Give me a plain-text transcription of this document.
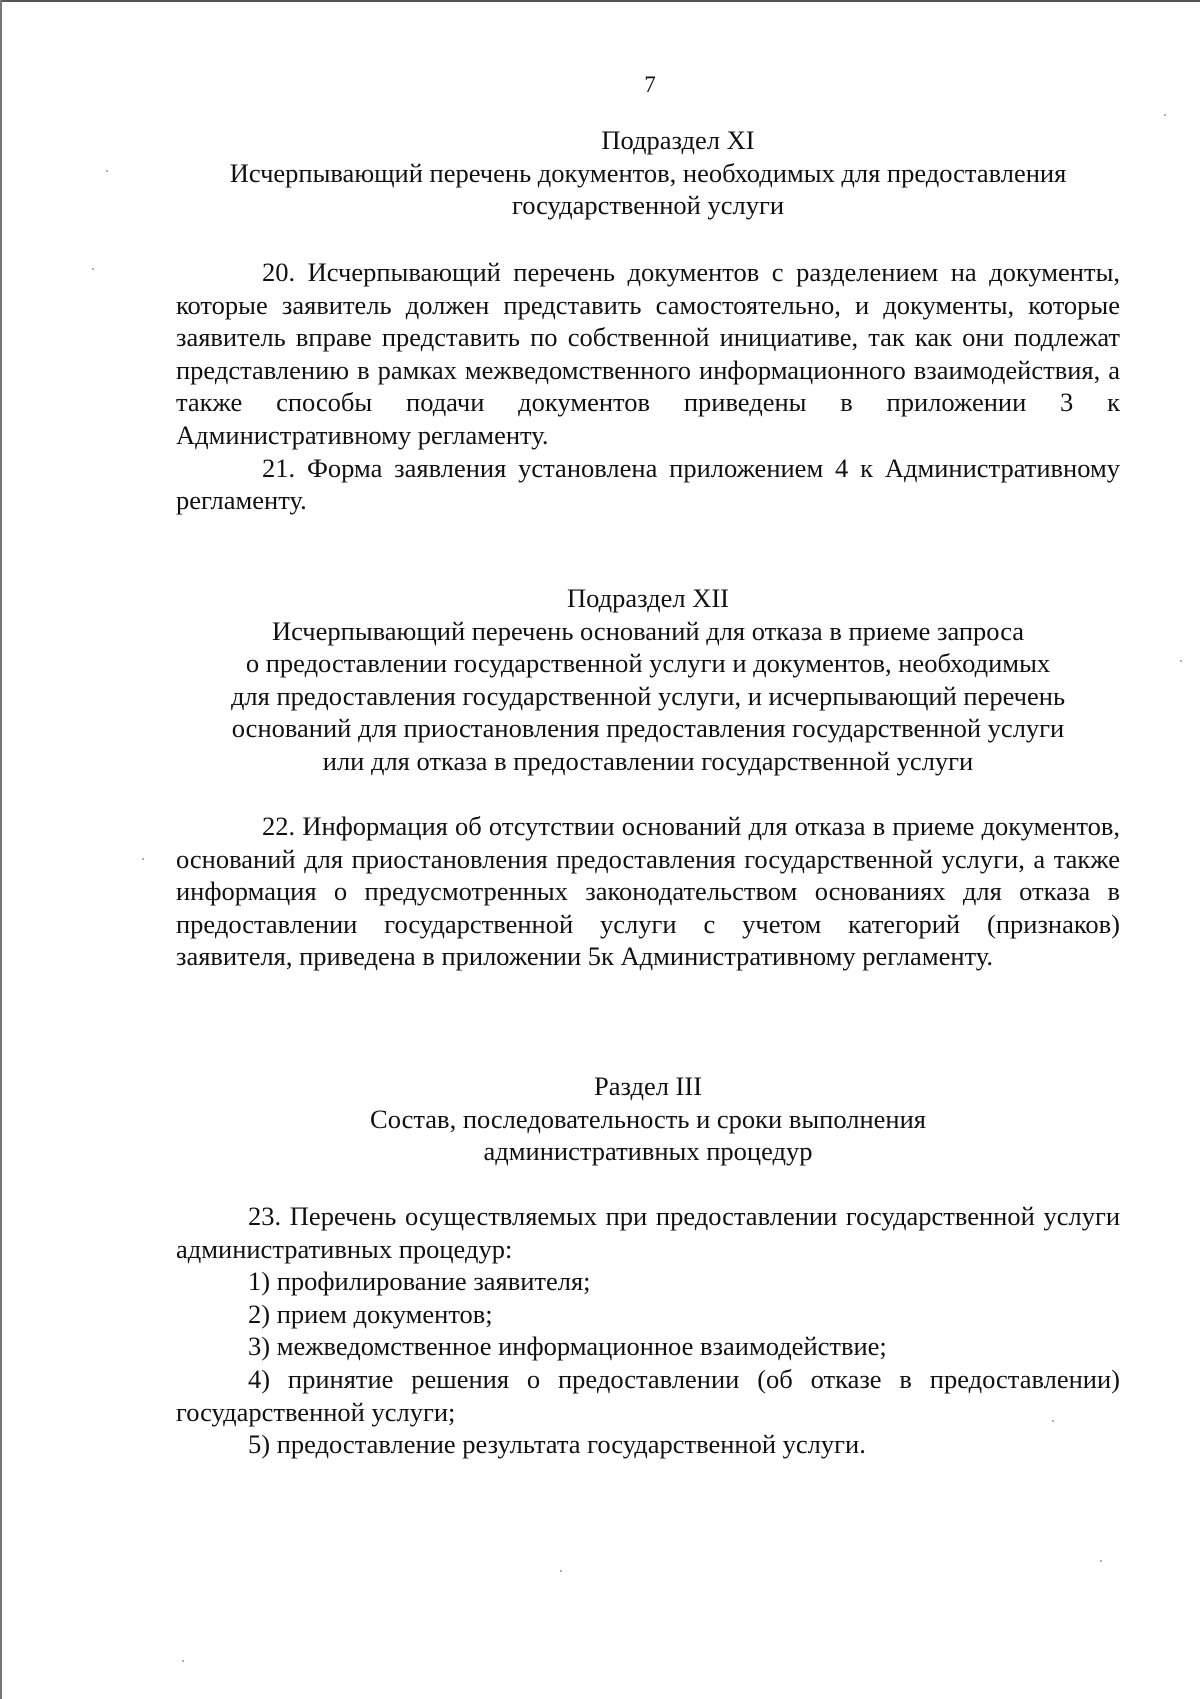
7

Подраздел XI

Исчерпывающий перечень документов, необходимых для предоставления

государственной услуги

20. Исчерпывающий перечень документов с разделением на документы, которые заявитель должен представить самостоятельно, и документы, которые заявитель вправе представить по собственной инициативе, так как они подлежат представлению в рамках межведомственного информационного взаимодействия, а также способы подачи документов приведены в приложении 3 к Административному регламенту.

21. Форма заявления установлена приложением 4 к Административному регламенту.

Подраздел XII

Исчерпывающий перечень оснований для отказа в приеме запроса

о предоставлении государственной услуги и документов, необходимых

для предоставления государственной услуги, и исчерпывающий перечень

оснований для приостановления предоставления государственной услуги

или для отказа в предоставлении государственной услуги

22. Информация об отсутствии оснований для отказа в приеме документов, оснований для приостановления предоставления государственной услуги, а также информация о предусмотренных законодательством основаниях для отказа в предоставлении государственной услуги с учетом категорий (признаков) заявителя, приведена в приложении 5к Административному регламенту.

Раздел III

Состав, последовательность и сроки выполнения

административных процедур

23. Перечень осуществляемых при предоставлении государственной услуги административных процедур:

1) профилирование заявителя;

2) прием документов;

3) межведомственное информационное взаимодействие;

4) принятие решения о предоставлении (об отказе в предоставлении) государственной услуги;

5) предоставление результата государственной услуги.
